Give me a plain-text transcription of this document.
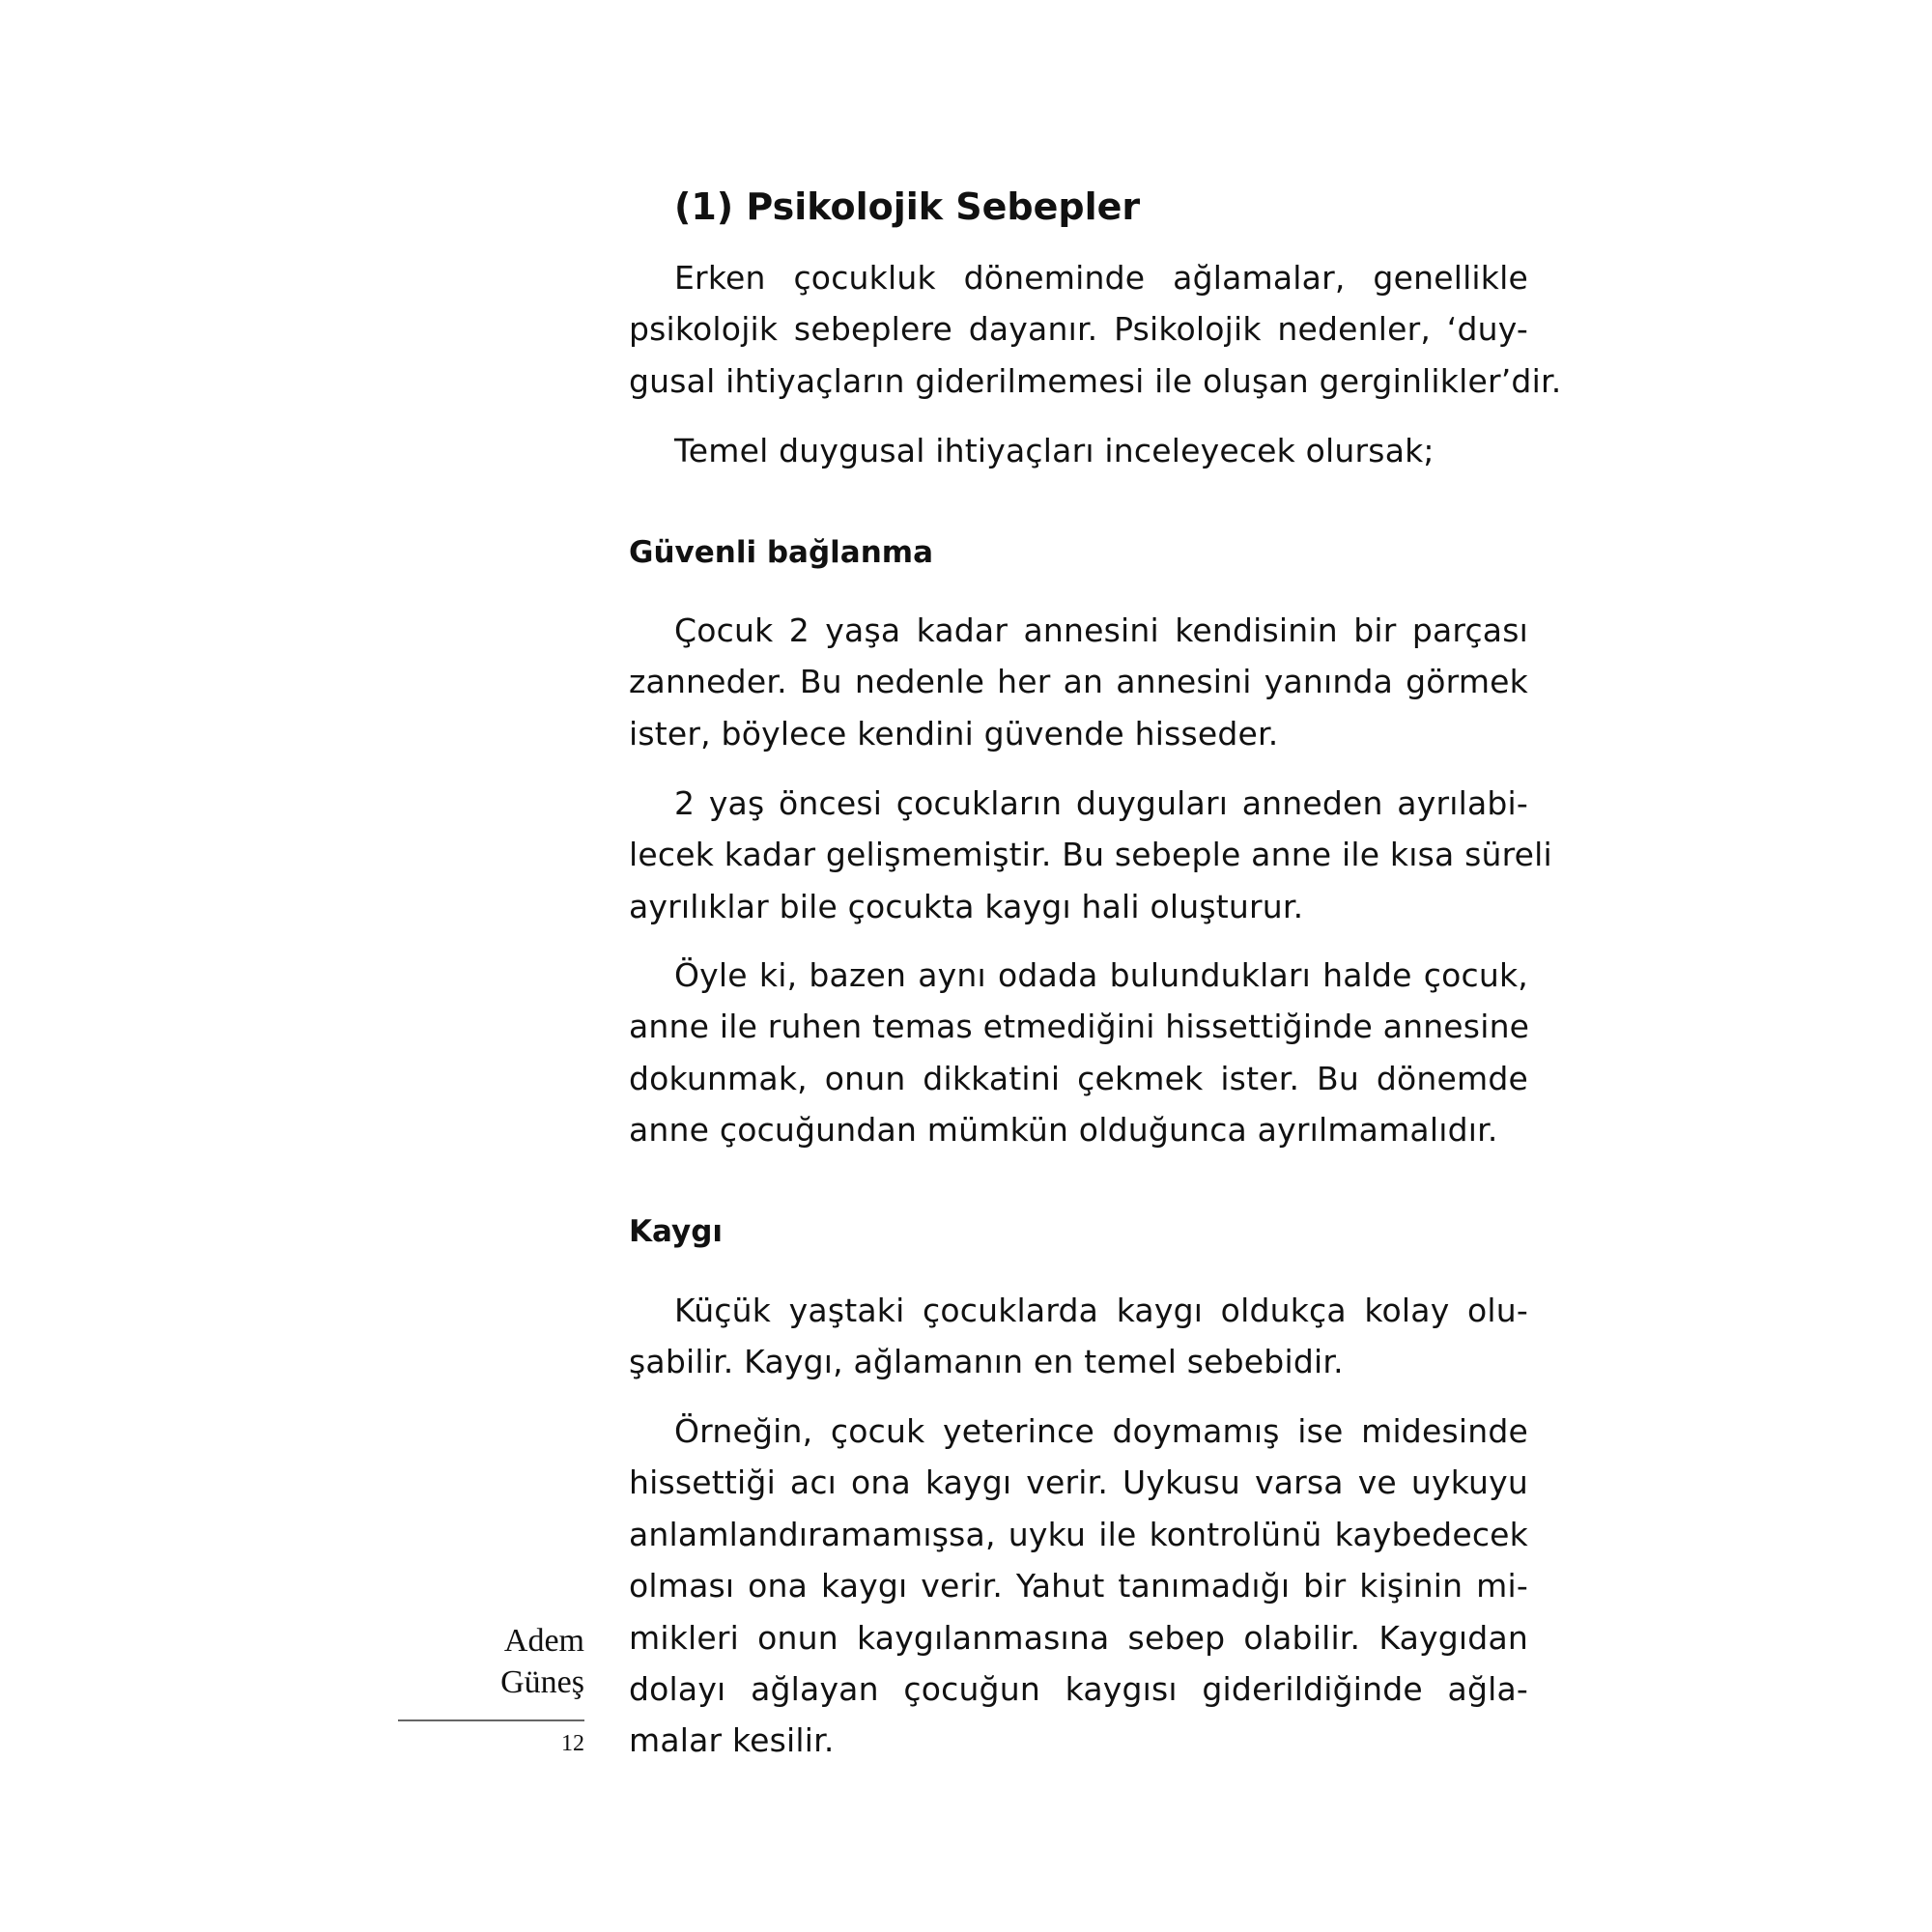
(1) Psikolojik Sebepler
Erken çocukluk döneminde ağlamalar, genellikle
psikolojik sebeplere dayanır. Psikolojik nedenler, ‘duy-
gusal ihtiyaçların giderilmemesi ile oluşan gerginlikler’dir.
Temel duygusal ihtiyaçları inceleyecek olursak;
Çocuk 2 yaşa kadar annesini kendisinin bir parçası
zanneder. Bu nedenle her an annesini yanında görmek
ister, böylece kendini güvende hisseder.
2 yaş öncesi çocukların duyguları anneden ayrılabi-
lecek kadar gelişmemiştir. Bu sebeple anne ile kısa süreli
ayrılıklar bile çocukta kaygı hali oluşturur.
Öyle ki, bazen aynı odada bulundukları halde çocuk,
anne ile ruhen temas etmediğini hissettiğinde annesine
dokunmak, onun dikkatini çekmek ister. Bu dönemde
anne çocuğundan mümkün olduğunca ayrılmamalıdır.
Küçük yaştaki çocuklarda kaygı oldukça kolay olu-
şabilir. Kaygı, ağlamanın en temel sebebidir.
Örneğin, çocuk yeterince doymamış ise midesinde
hissettiği acı ona kaygı verir. Uykusu varsa ve uykuyu
anlamlandıramamışsa, uyku ile kontrolünü kaybedecek
olması ona kaygı verir. Yahut tanımadığı bir kişinin mi-
mikleri onun kaygılanmasına sebep olabilir. Kaygıdan
dolayı ağlayan çocuğun kaygısı giderildiğinde ağla-
malar kesilir.
Güvenli bağlanma
Kaygı
Adem
Güneş
12
